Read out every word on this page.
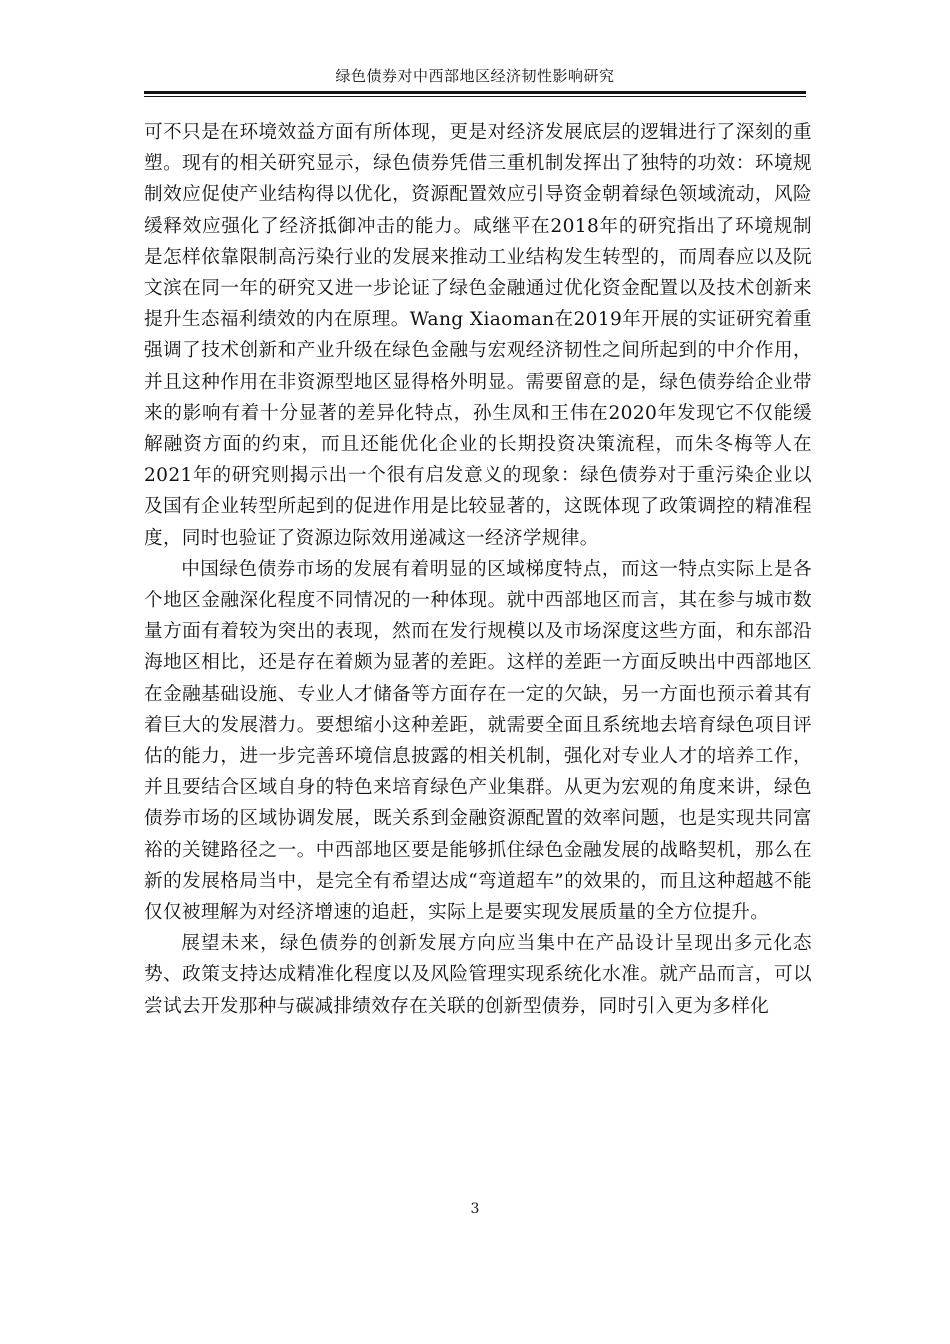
绿色债券对中西部地区经济韧性影响研究

可不只是在环境效益方面有所体现，更是对经济发展底层的逻辑进行了深刻的重塑。现有的相关研究显示，绿色债券凭借三重机制发挥出了独特的功效：环境规制效应促使产业结构得以优化，资源配置效应引导资金朝着绿色领域流动，风险缓释效应强化了经济抵御冲击的能力。咸继平在2018年的研究指出了环境规制是怎样依靠限制高污染行业的发展来推动工业结构发生转型的，而周春应以及阮文滨在同一年的研究又进一步论证了绿色金融通过优化资金配置以及技术创新来提升生态福利绩效的内在原理。Wang Xiaoman在2019年开展的实证研究着重强调了技术创新和产业升级在绿色金融与宏观经济韧性之间所起到的中介作用，并且这种作用在非资源型地区显得格外明显。需要留意的是，绿色债券给企业带来的影响有着十分显著的差异化特点，孙生凤和王伟在2020年发现它不仅能缓解融资方面的约束，而且还能优化企业的长期投资决策流程，而朱冬梅等人在2021年的研究则揭示出一个很有启发意义的现象：绿色债券对于重污染企业以及国有企业转型所起到的促进作用是比较显著的，这既体现了政策调控的精准程度，同时也验证了资源边际效用递减这一经济学规律。

中国绿色债券市场的发展有着明显的区域梯度特点，而这一特点实际上是各个地区金融深化程度不同情况的一种体现。就中西部地区而言，其在参与城市数量方面有着较为突出的表现，然而在发行规模以及市场深度这些方面，和东部沿海地区相比，还是存在着颇为显著的差距。这样的差距一方面反映出中西部地区在金融基础设施、专业人才储备等方面存在一定的欠缺，另一方面也预示着其有着巨大的发展潜力。要想缩小这种差距，就需要全面且系统地去培育绿色项目评估的能力，进一步完善环境信息披露的相关机制，强化对专业人才的培养工作，并且要结合区域自身的特色来培育绿色产业集群。从更为宏观的角度来讲，绿色债券市场的区域协调发展，既关系到金融资源配置的效率问题，也是实现共同富裕的关键路径之一。中西部地区要是能够抓住绿色金融发展的战略契机，那么在新的发展格局当中，是完全有希望达成“弯道超车”的效果的，而且这种超越不能仅仅被理解为对经济增速的追赶，实际上是要实现发展质量的全方位提升。

展望未来，绿色债券的创新发展方向应当集中在产品设计呈现出多元化态势、政策支持达成精准化程度以及风险管理实现系统化水准。就产品而言，可以尝试去开发那种与碳减排绩效存在关联的创新型债券，同时引入更为多样化

3
